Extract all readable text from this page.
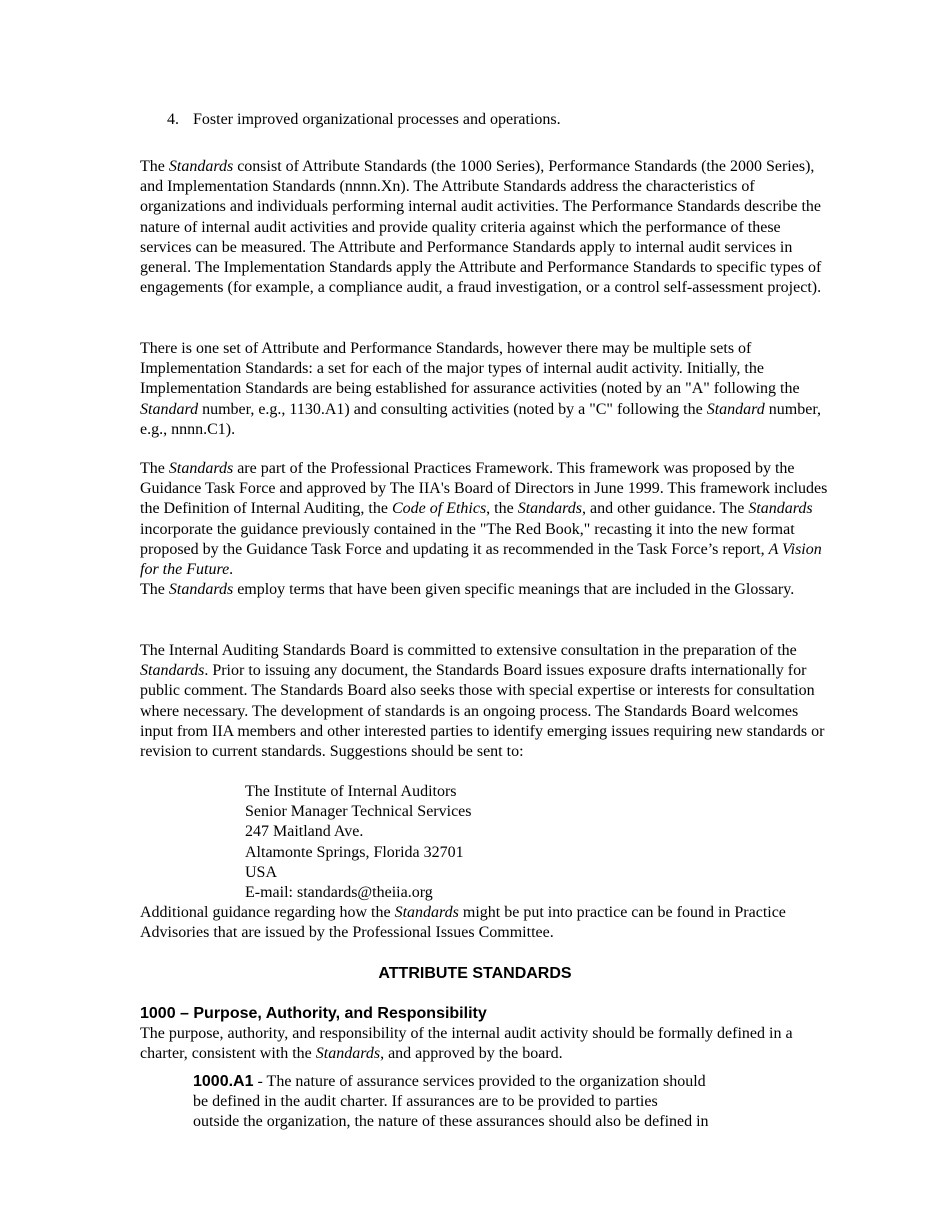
4. Foster improved organizational processes and operations.

The Standards consist of Attribute Standards (the 1000 Series), Performance Standards (the 2000 Series), and Implementation Standards (nnnn.Xn). The Attribute Standards address the characteristics of organizations and individuals performing internal audit activities. The Performance Standards describe the nature of internal audit activities and provide quality criteria against which the performance of these services can be measured. The Attribute and Performance Standards apply to internal audit services in general. The Implementation Standards apply the Attribute and Performance Standards to specific types of engagements (for example, a compliance audit, a fraud investigation, or a control self-assessment project).

There is one set of Attribute and Performance Standards, however there may be multiple sets of Implementation Standards: a set for each of the major types of internal audit activity. Initially, the Implementation Standards are being established for assurance activities (noted by an "A" following the Standard number, e.g., 1130.A1) and consulting activities (noted by a "C" following the Standard number, e.g., nnnn.C1).

The Standards are part of the Professional Practices Framework. This framework was proposed by the Guidance Task Force and approved by The IIA's Board of Directors in June 1999. This framework includes the Definition of Internal Auditing, the Code of Ethics, the Standards, and other guidance. The Standards incorporate the guidance previously contained in the "The Red Book," recasting it into the new format proposed by the Guidance Task Force and updating it as recommended in the Task Force’s report, A Vision for the Future.
The Standards employ terms that have been given specific meanings that are included in the Glossary.

The Internal Auditing Standards Board is committed to extensive consultation in the preparation of the Standards. Prior to issuing any document, the Standards Board issues exposure drafts internationally for public comment. The Standards Board also seeks those with special expertise or interests for consultation where necessary. The development of standards is an ongoing process. The Standards Board welcomes input from IIA members and other interested parties to identify emerging issues requiring new standards or revision to current standards. Suggestions should be sent to:

The Institute of Internal Auditors
Senior Manager Technical Services
247 Maitland Ave.
Altamonte Springs, Florida 32701
USA
E-mail: standards@theiia.org

Additional guidance regarding how the Standards might be put into practice can be found in Practice Advisories that are issued by the Professional Issues Committee.

ATTRIBUTE STANDARDS
1000 – Purpose, Authority, and Responsibility

The purpose, authority, and responsibility of the internal audit activity should be formally defined in a charter, consistent with the Standards, and approved by the board.

1000.A1 - The nature of assurance services provided to the organization should
be defined in the audit charter. If assurances are to be provided to parties
outside the organization, the nature of these assurances should also be defined in
